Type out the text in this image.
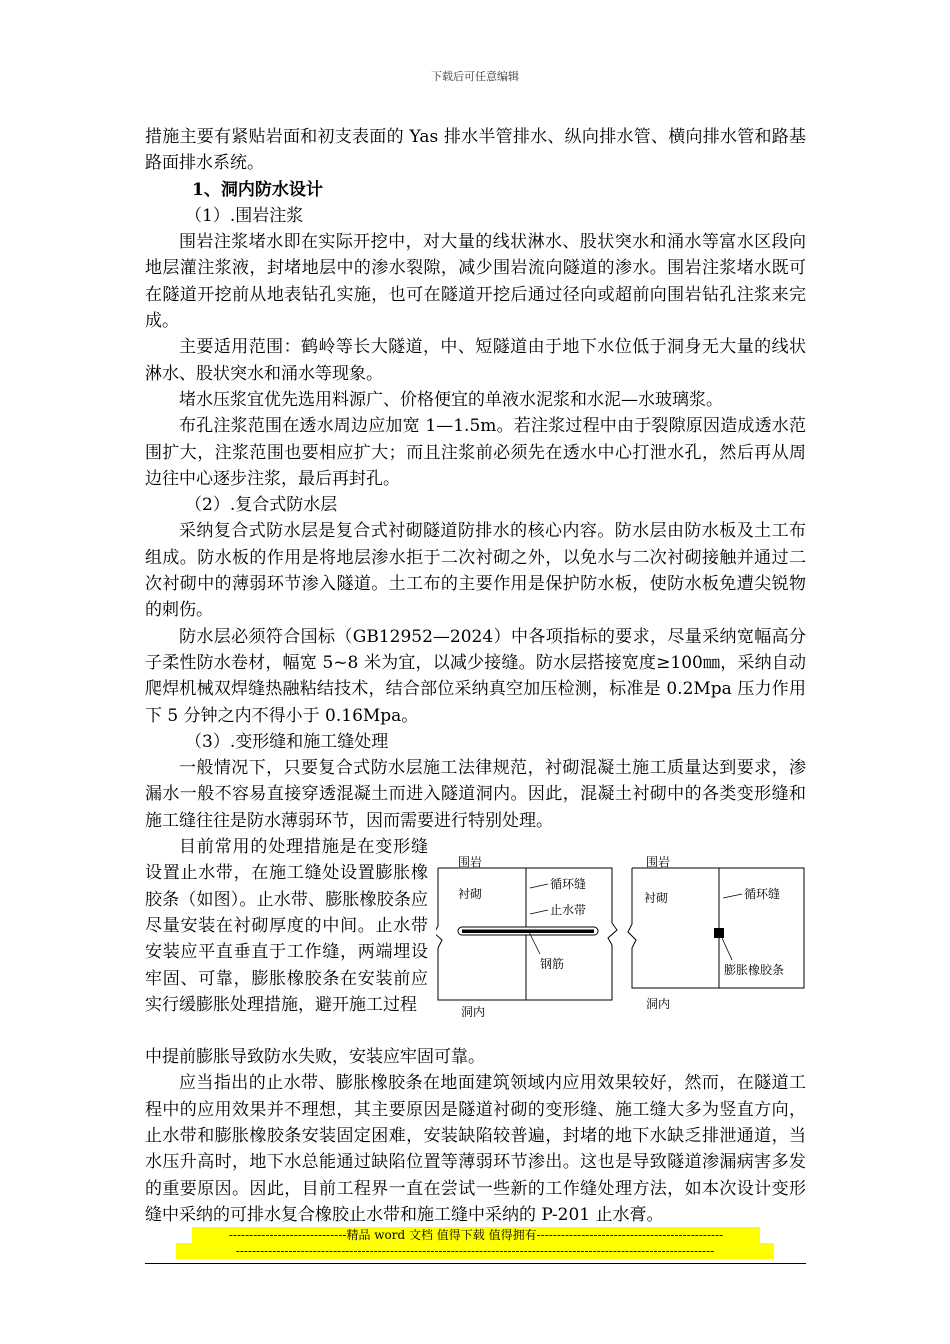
下载后可任意编辑

措施主要有紧贴岩面和初支表面的 Yas 排水半管排水、纵向排水管、横向排水管和路基路面排水系统。

1、洞内防水设计

（1）.围岩注浆

围岩注浆堵水即在实际开挖中，对大量的线状淋水、股状突水和涌水等富水区段向地层灌注浆液，封堵地层中的渗水裂隙，减少围岩流向隧道的渗水。围岩注浆堵水既可在隧道开挖前从地表钻孔实施，也可在隧道开挖后通过径向或超前向围岩钻孔注浆来完成。

主要适用范围：鹤岭等长大隧道，中、短隧道由于地下水位低于洞身无大量的线状淋水、股状突水和涌水等现象。

堵水压浆宜优先选用料源广、价格便宜的单液水泥浆和水泥—水玻璃浆。

布孔注浆范围在透水周边应加宽 1—1.5m。若注浆过程中由于裂隙原因造成透水范围扩大，注浆范围也要相应扩大；而且注浆前必须先在透水中心打泄水孔，然后再从周边往中心逐步注浆，最后再封孔。

（2）.复合式防水层

采纳复合式防水层是复合式衬砌隧道防排水的核心内容。防水层由防水板及土工布组成。防水板的作用是将地层渗水拒于二次衬砌之外，以免水与二次衬砌接触并通过二次衬砌中的薄弱环节渗入隧道。土工布的主要作用是保护防水板，使防水板免遭尖锐物的刺伤。

防水层必须符合国标（GB12952—2024）中各项指标的要求，尽量采纳宽幅高分子柔性防水卷材，幅宽 5~8 米为宜，以减少接缝。防水层搭接宽度≥100㎜，采纳自动爬焊机械双焊缝热融粘结技术，结合部位采纳真空加压检测，标准是 0.2Mpa 压力作用下 5 分钟之内不得小于 0.16Mpa。

（3）.变形缝和施工缝处理

一般情况下，只要复合式防水层施工法律规范，衬砌混凝土施工质量达到要求，渗漏水一般不容易直接穿透混凝土而进入隧道洞内。因此，混凝土衬砌中的各类变形缝和施工缝往往是防水薄弱环节，因而需要进行特别处理。

目前常用的处理措施是在变形缝设置止水带，在施工缝处设置膨胀橡胶条（如图）。止水带、膨胀橡胶条应尽量安装在衬砌厚度的中间。止水带安装应平直垂直于工作缝，两端埋设牢固、可靠，膨胀橡胶条在安装前应实行缓膨胀处理措施，避开施工过程

围岩
衬砌
循环缝
止水带
钢筋
洞内
围岩
衬砌	循环缝
膨胀橡胶条
洞内

中提前膨胀导致防水失败，安装应牢固可靠。

应当指出的止水带、膨胀橡胶条在地面建筑领域内应用效果较好，然而，在隧道工程中的应用效果并不理想，其主要原因是隧道衬砌的变形缝、施工缝大多为竖直方向，止水带和膨胀橡胶条安装固定困难，安装缺陷较普遍，封堵的地下水缺乏排泄通道，当水压升高时，地下水总能通过缺陷位置等薄弱环节渗出。这也是导致隧道渗漏病害多发的重要原因。因此，目前工程界一直在尝试一些新的工作缝处理方法，如本次设计变形缝中采纳的可排水复合橡胶止水带和施工缝中采纳的 P-201 止水膏。

-----------------------------精品 word 文档 值得下载 值得拥有----------------------------------------------
----------------------------------------------------------------------------------------------------------------------
